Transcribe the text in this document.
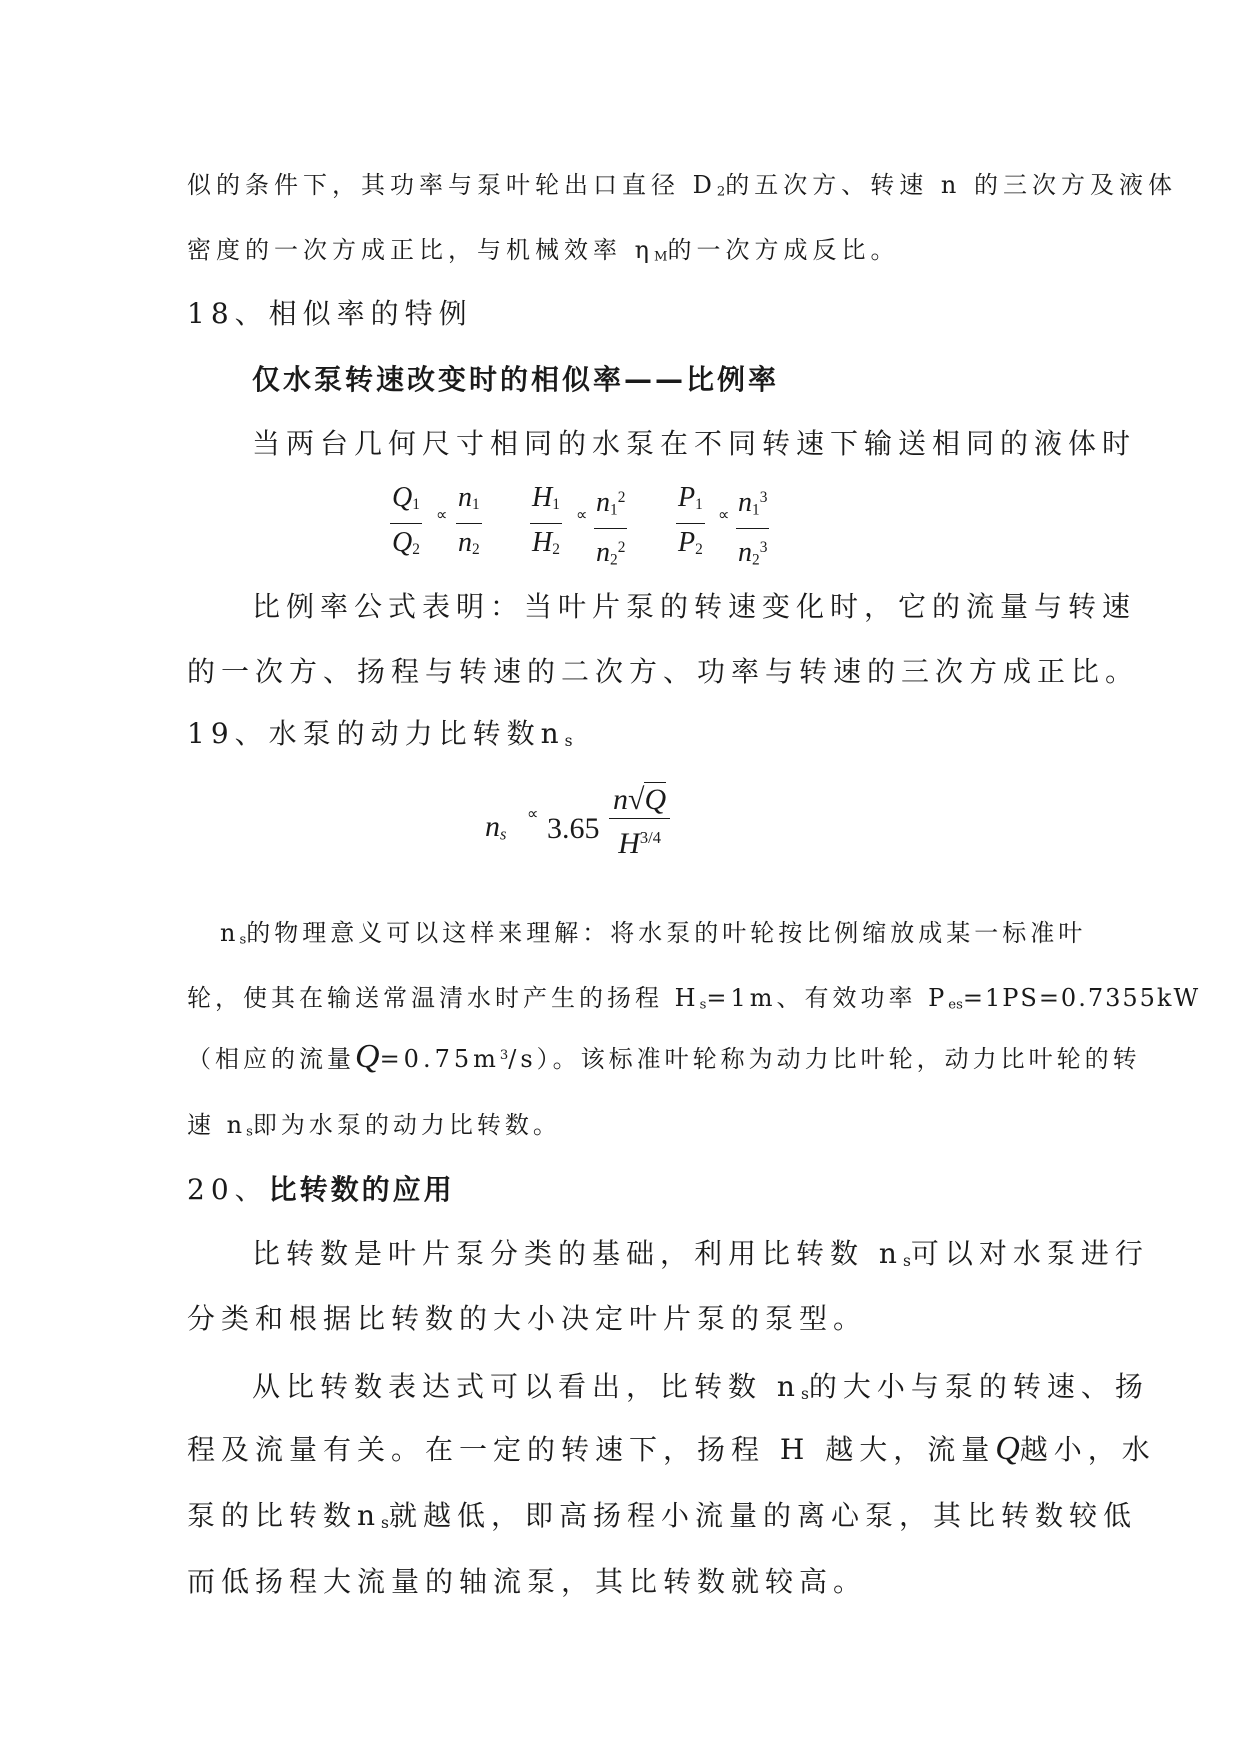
似的条件下，其功率与泵叶轮出口直径 $D_2$的五次方、转速 n 的三次方及液体
密度的一次方成正比，与机械效率 $\eta_M$的一次方成反比。
18、相似率的特例
仅水泵转速改变时的相似率——比例率
当两台几何尺寸相同的水泵在不同转速下输送相同的液体时
$\frac{Q_1}{Q_2} \propto \frac{n_1}{n_2} \frac{H_1}{H_2} \propto \frac{n_1^2}{n_2^2} \frac{P_1}{P_2} \propto \frac{n_1^3}{n_2^3}$
比例率公式表明：当叶片泵的转速变化时，它的流量与转速
的一次方、扬程与转速的二次方、功率与转速的三次方成正比。
19、水泵的动力比转数$n_s$
$n_s$
∝ $3.65 \frac{n√Q}{H^{3/4}}$
$n_s$的物理意义可以这样来理解：将水泵的叶轮按比例缩放成某一标准叶
轮，使其在输送常温清水时产生的扬程 $H_s=1m$、有效功率 $P_{es}=1PS=0.7355kW$
（相应的流量$Q=0.75m^3/s$）。该标准叶轮称为动力比叶轮，动力比叶轮的转
速 $n_s$即为水泵的动力比转数。
20、比转数的应用
比转数是叶片泵分类的基础，利用比转数 $n_s$可以对水泵进行
分类和根据比转数的大小决定叶片泵的泵型。
从比转数表达式可以看出，比转数 $n_s$的大小与泵的转速、扬
程及流量有关。在一定的转速下，扬程 H 越大，流量Q越小，水
泵的比转数$n_s$就越低，即高扬程小流量的离心泵，其比转数较低
而低扬程大流量的轴流泵，其比转数就较高。
